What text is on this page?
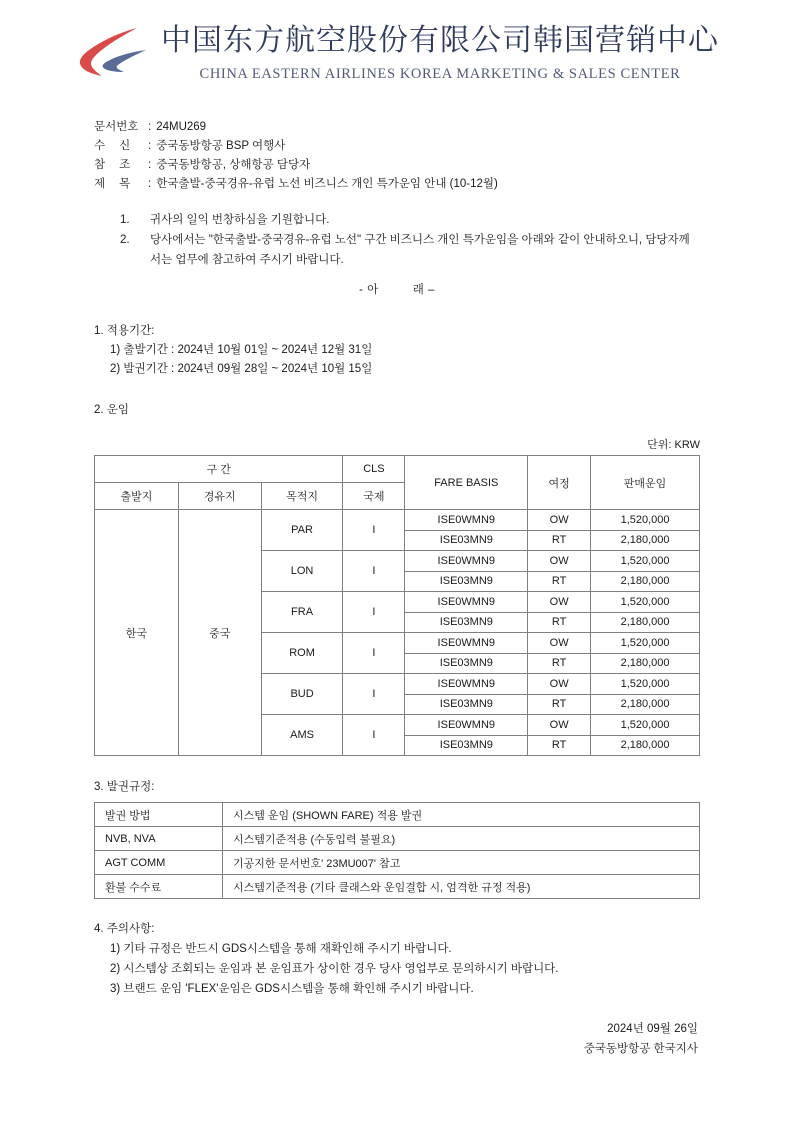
中国东方航空股份有限公司韩国营销中心
CHINA EASTERN AIRLINES KOREA MARKETING & SALES CENTER
문서번호 : 24MU269
수신 : 중국동방항공 BSP 여행사
참조 : 중국동방항공, 상해항공 담당자
제목 : 한국출발-중국경유-유럽 노선 비즈니스 개인 특가운임 안내 (10-12월)
1.	귀사의 일익 번창하심을 기원합니다.
2.	당사에서는 "한국출발-중국경유-유럽 노선" 구간 비즈니스 개인 특가운임을 아래와 같이 안내하오니, 담당자께서는 업무에 참고하여 주시기 바랍니다.
- 아	래 –
1. 적용기간:
1) 출발기간 : 2024년 10월 01일 ~ 2024년 12월 31일
2) 발권기간 : 2024년 09월 28일 ~ 2024년 10월 15일
2. 운임
단위: KRW
구 간			CLS	FARE BASIS	여정	판매운임
출발지	경유지	목적지	국제			
한국	중국	PAR	I	ISE0WMN9	OW	1,520,000
				ISE03MN9	RT	2,180,000
		LON	I	ISE0WMN9	OW	1,520,000
				ISE03MN9	RT	2,180,000
		FRA	I	ISE0WMN9	OW	1,520,000
				ISE03MN9	RT	2,180,000
		ROM	I	ISE0WMN9	OW	1,520,000
				ISE03MN9	RT	2,180,000
		BUD	I	ISE0WMN9	OW	1,520,000
				ISE03MN9	RT	2,180,000
		AMS	I	ISE0WMN9	OW	1,520,000
				ISE03MN9	RT	2,180,000
3. 발권규정:
발권 방법	시스템 운임 (SHOWN FARE) 적용 발권
NVB, NVA	시스템기준적용 (수동입력 불필요)
AGT COMM	기공지한 문서번호' 23MU007' 참고
환불 수수료	시스템기준적용 (기타 클래스와 운임결합 시, 엄격한 규정 적용)
4. 주의사항:
1) 기타 규정은 반드시 GDS시스템을 통해 재확인해 주시기 바랍니다.
2) 시스템상 조회되는 운임과 본 운임표가 상이한 경우 당사 영업부로 문의하시기 바랍니다.
3) 브랜드 운임 'FLEX'운임은 GDS시스템을 통해 확인해 주시기 바랍니다.
2024년 09월 26일
중국동방항공 한국지사
